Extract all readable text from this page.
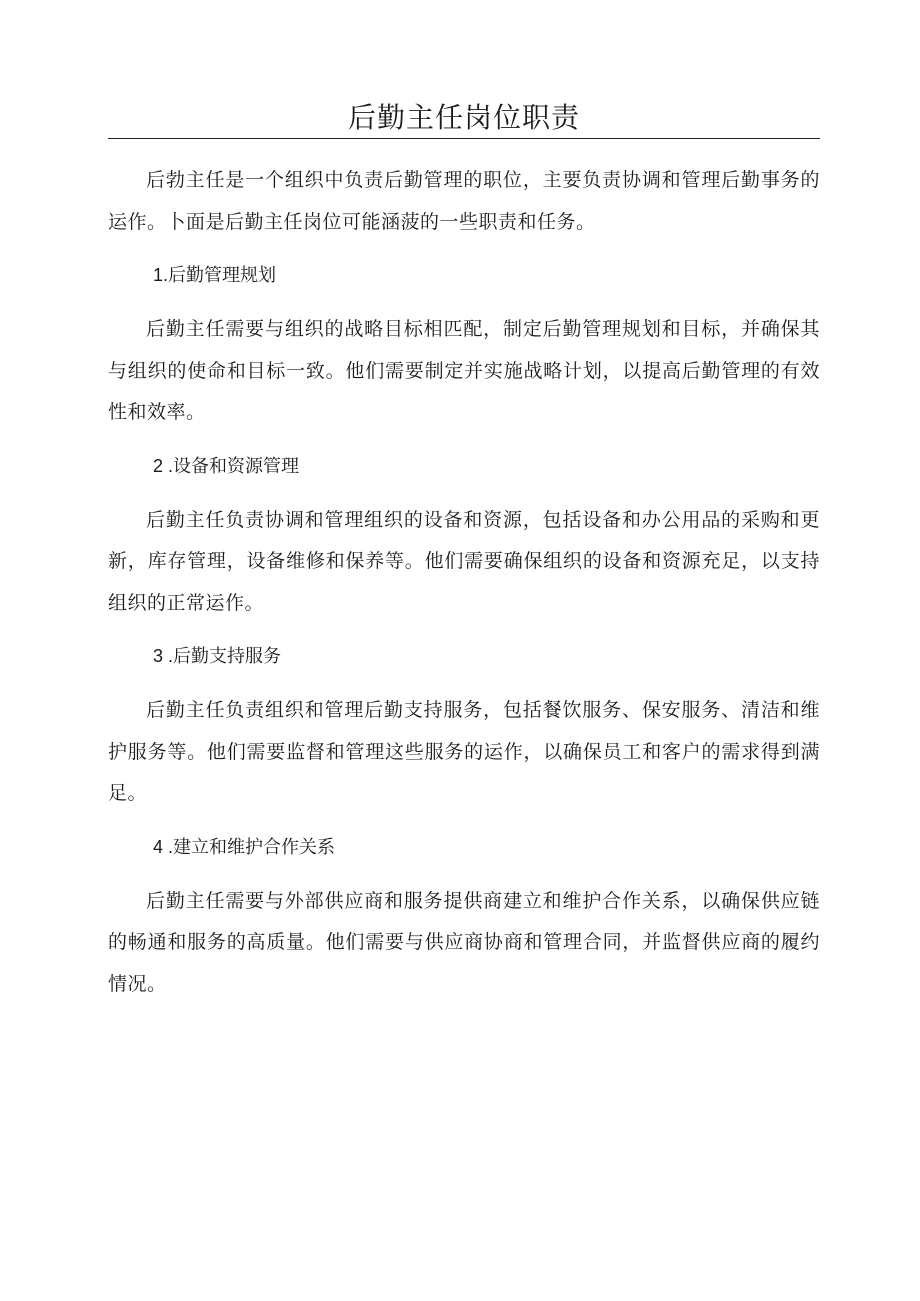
后勤主任岗位职责

后勃主任是一个组织中负责后勤管理的职位，主要负责协调和管理后勤事务的运作。卜面是后勤主任岗位可能涵菠的一些职责和任务。

1.后勤管理规划

后勤主任需要与组织的战略目标相匹配，制定后勤管理规划和目标，并确保其与组织的使命和目标一致。他们需要制定并实施战略计划，以提高后勤管理的有效性和效率。

2 .设备和资源管理

后勤主任负责协调和管理组织的设备和资源，包括设备和办公用品的采购和更新，库存管理，设备维修和保养等。他们需要确保组织的设备和资源充足，以支持组织的正常运作。

3 .后勤支持服务

后勤主任负责组织和管理后勤支持服务，包括餐饮服务、保安服务、清洁和维护服务等。他们需要监督和管理这些服务的运作，以确保员工和客户的需求得到满足。

4 .建立和维护合作关系

后勤主任需要与外部供应商和服务提供商建立和维护合作关系，以确保供应链的畅通和服务的高质量。他们需要与供应商协商和管理合同，并监督供应商的履约情况。
